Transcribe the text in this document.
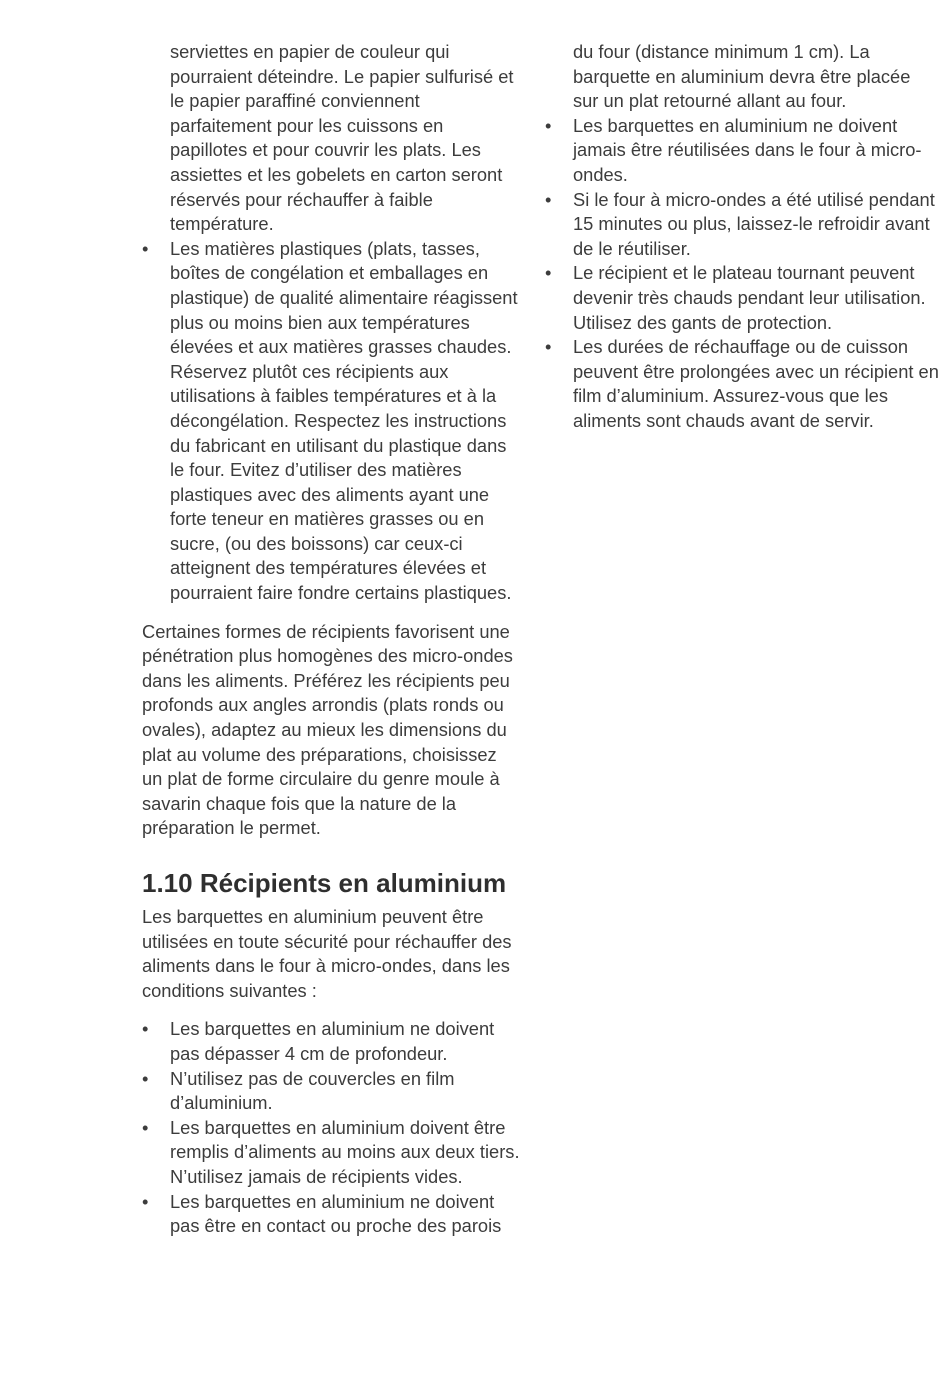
serviettes en papier de couleur qui pourraient déteindre. Le papier sulfurisé et le papier paraffiné conviennent parfaitement pour les cuissons en papillotes et pour couvrir les plats. Les assiettes et les gobelets en carton seront réservés pour réchauffer à faible température.
• Les matières plastiques (plats, tasses, boîtes de congélation et emballages en plastique) de qualité alimentaire réagissent plus ou moins bien aux températures élevées et aux matières grasses chaudes. Réservez plutôt ces récipients aux utilisations à faibles températures et à la décongélation. Respectez les instructions du fabricant en utilisant du plastique dans le four. Evitez d’utiliser des matières plastiques avec des aliments ayant une forte teneur en matières grasses ou en sucre, (ou des boissons) car ceux-ci atteignent des températures élevées et pourraient faire fondre certains plastiques.

Certaines formes de récipients favorisent une pénétration plus homogènes des micro-ondes dans les aliments. Préférez les récipients peu profonds aux angles arrondis (plats ronds ou ovales), adaptez au mieux les dimensions du plat au volume des préparations, choisissez un plat de forme circulaire du genre moule à savarin chaque fois que la nature de la préparation le permet.

1.10 Récipients en aluminium

Les barquettes en aluminium peuvent être utilisées en toute sécurité pour réchauffer des aliments dans le four à micro-ondes, dans les conditions suivantes :

• Les barquettes en aluminium ne doivent pas dépasser 4 cm de profondeur.
• N’utilisez pas de couvercles en film d’aluminium.
• Les barquettes en aluminium doivent être remplis d’aliments au moins aux deux tiers. N’utilisez jamais de récipients vides.
• Les barquettes en aluminium ne doivent pas être en contact ou proche des parois
du four (distance minimum 1 cm). La barquette en aluminium devra être placée sur un plat retourné allant au four.
• Les barquettes en aluminium ne doivent jamais être réutilisées dans le four à micro-ondes.
• Si le four à micro-ondes a été utilisé pendant 15 minutes ou plus, laissez-le refroidir avant de le réutiliser.
• Le récipient et le plateau tournant peuvent devenir très chauds pendant leur utilisation.
Utilisez des gants de protection.
• Les durées de réchauffage ou de cuisson peuvent être prolongées avec un récipient en film d’aluminium. Assurez-vous que les aliments sont chauds avant de servir.
